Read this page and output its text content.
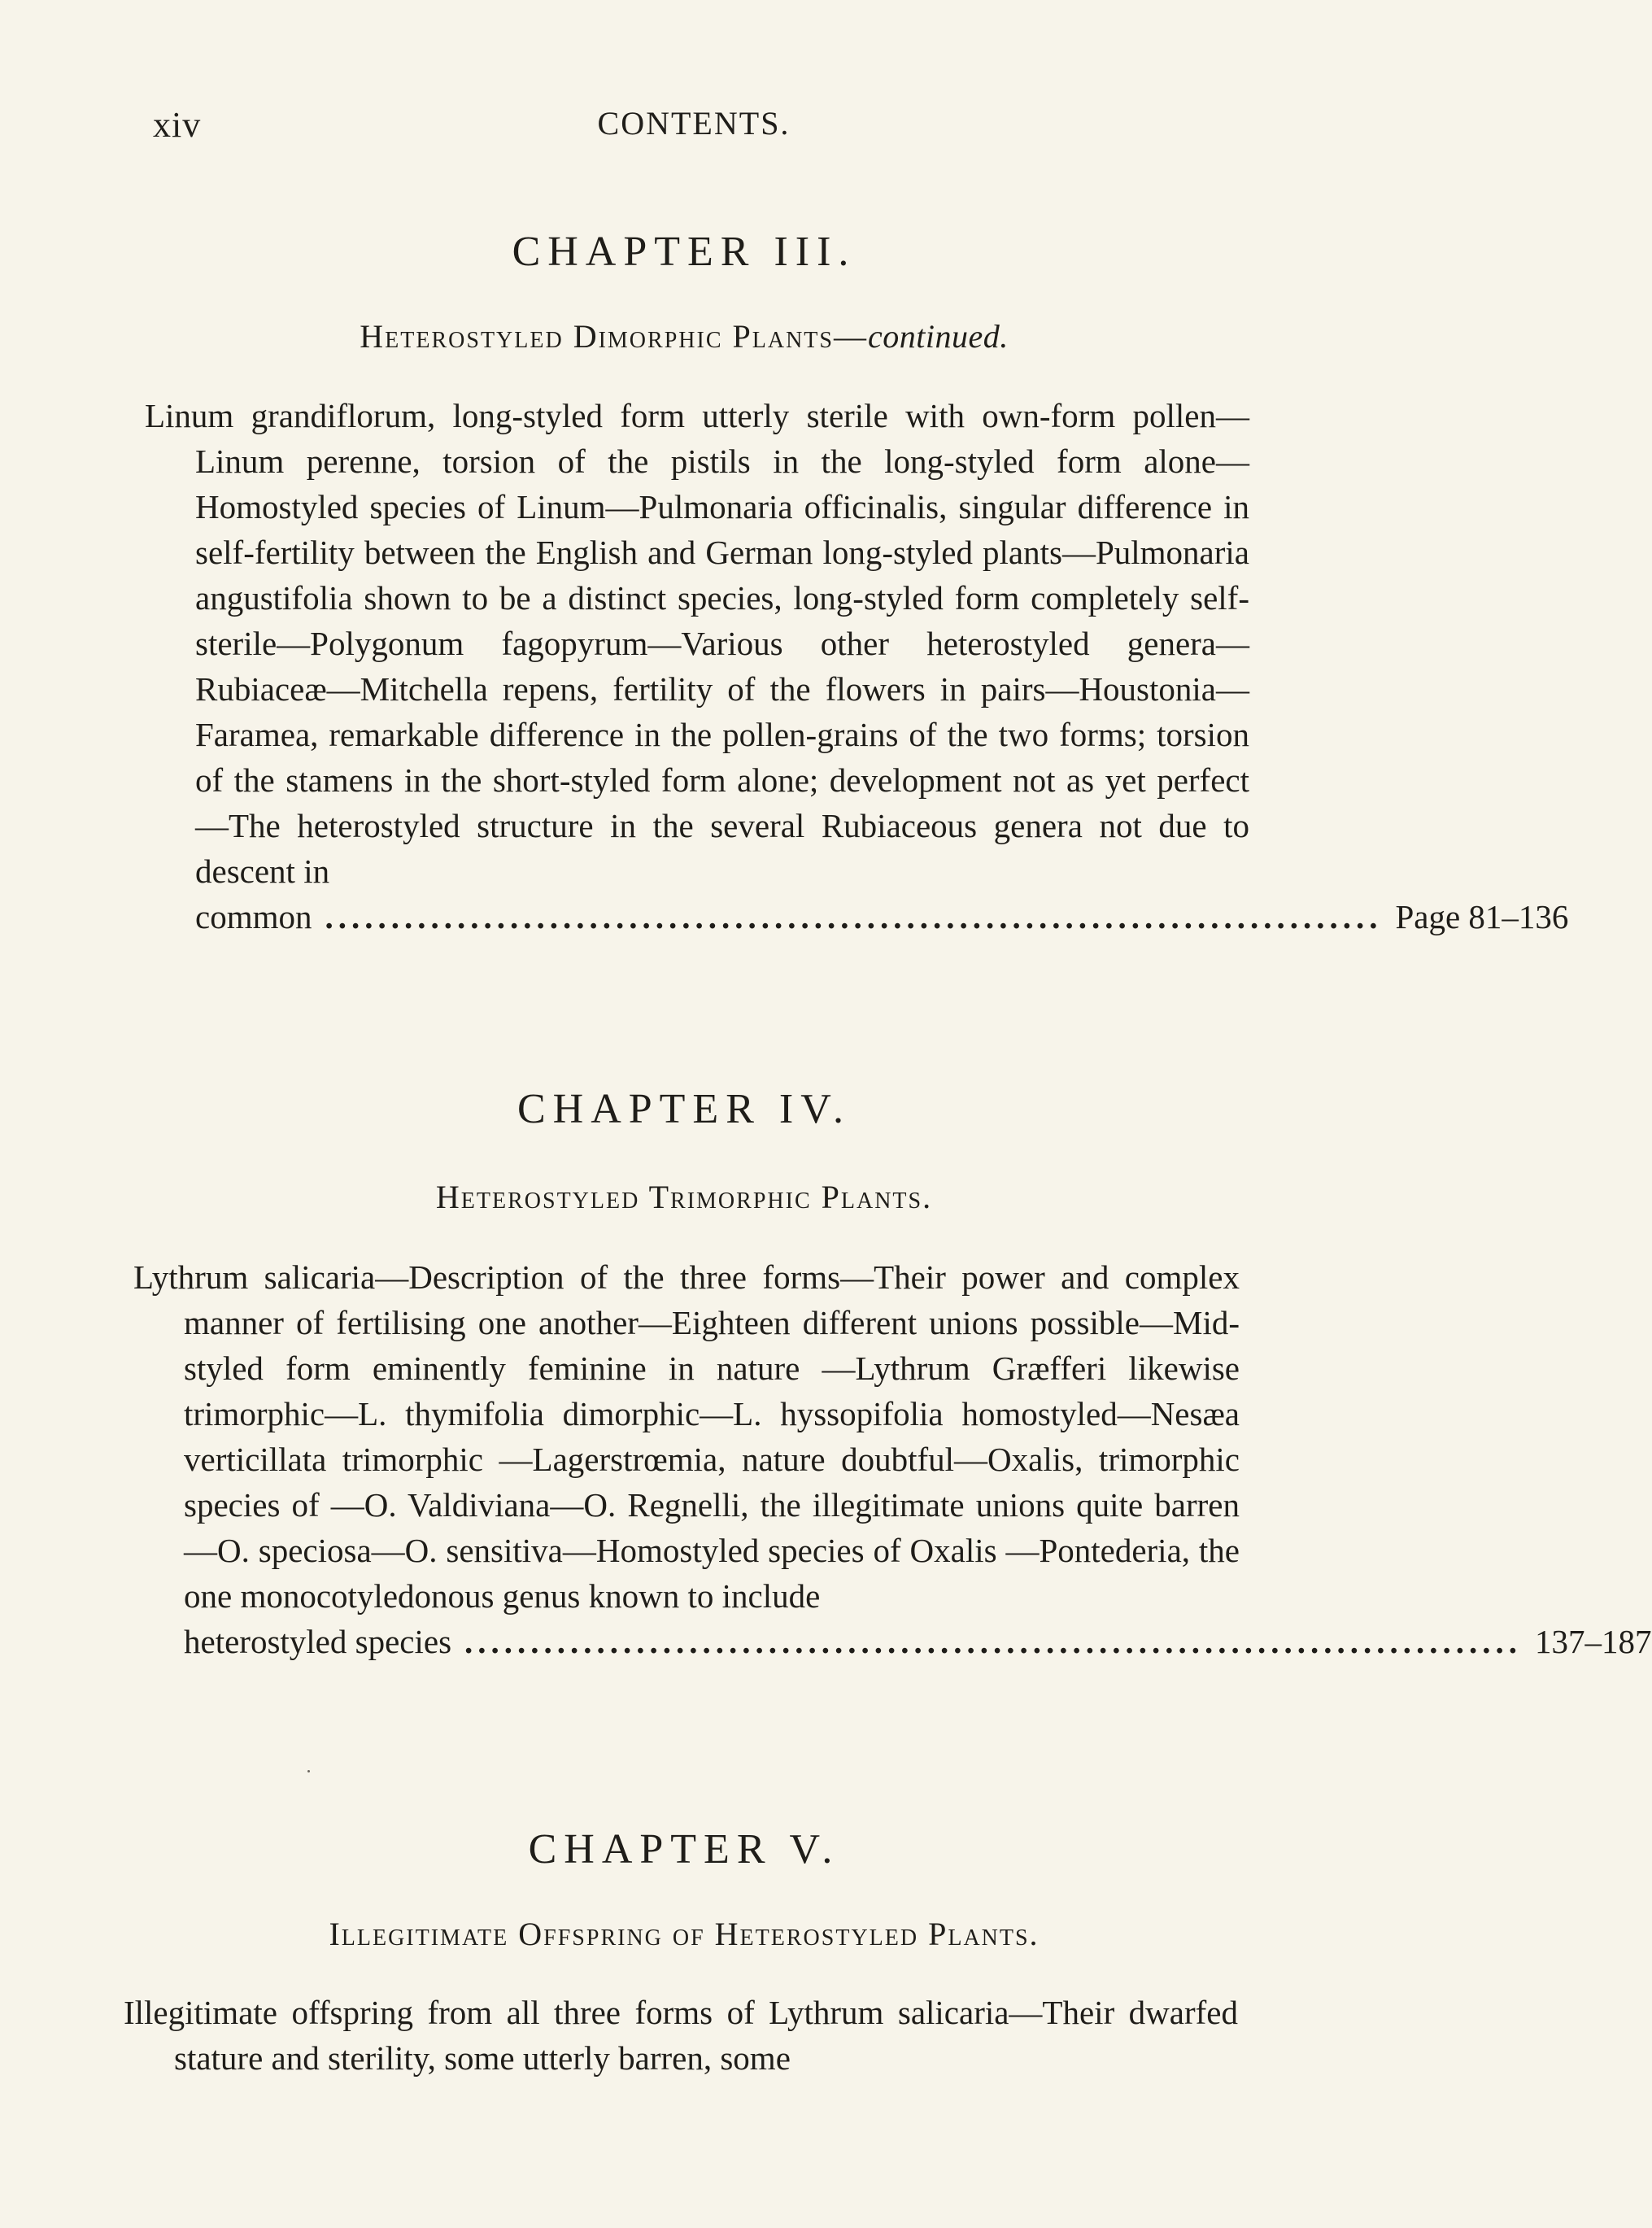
xiv	CONTENTS.
CHAPTER III.
Heterostyled Dimorphic Plants—continued.
Linum grandiflorum, long-styled form utterly sterile with own-form pollen—Linum perenne, torsion of the pistils in the long-styled form alone—Homostyled species of Linum—Pulmonaria officinalis, singular difference in self-fertility between the English and German long-styled plants—Pulmonaria angustifolia shown to be a distinct species, long-styled form completely self-sterile—Polygonum fagopyrum—Various other heterostyled genera—Rubiaceæ—Mitchella repens, fertility of the flowers in pairs—Houstonia—Faramea, remarkable difference in the pollen-grains of the two forms; torsion of the stamens in the short-styled form alone; development not as yet perfect—The heterostyled structure in the several Rubiaceous genera not due to descent in
common ................................................................................ Page 81–136
CHAPTER IV.
Heterostyled Trimorphic Plants.
Lythrum salicaria—Description of the three forms—Their power and complex manner of fertilising one another—Eighteen different unions possible—Mid-styled form eminently feminine in nature —Lythrum Græfferi likewise trimorphic—L. thymifolia dimorphic—L. hyssopifolia homostyled—Nesæa verticillata trimorphic —Lagerstrœmia, nature doubtful—Oxalis, trimorphic species of —O. Valdiviana—O. Regnelli, the illegitimate unions quite barren—O. speciosa—O. sensitiva—Homostyled species of Oxalis —Pontederia, the one monocotyledonous genus known to include
heterostyled species ................................................................................ 137–187
CHAPTER V.
Illegitimate Offspring of Heterostyled Plants.
Illegitimate offspring from all three forms of Lythrum salicaria—Their dwarfed stature and sterility, some utterly barren, some
